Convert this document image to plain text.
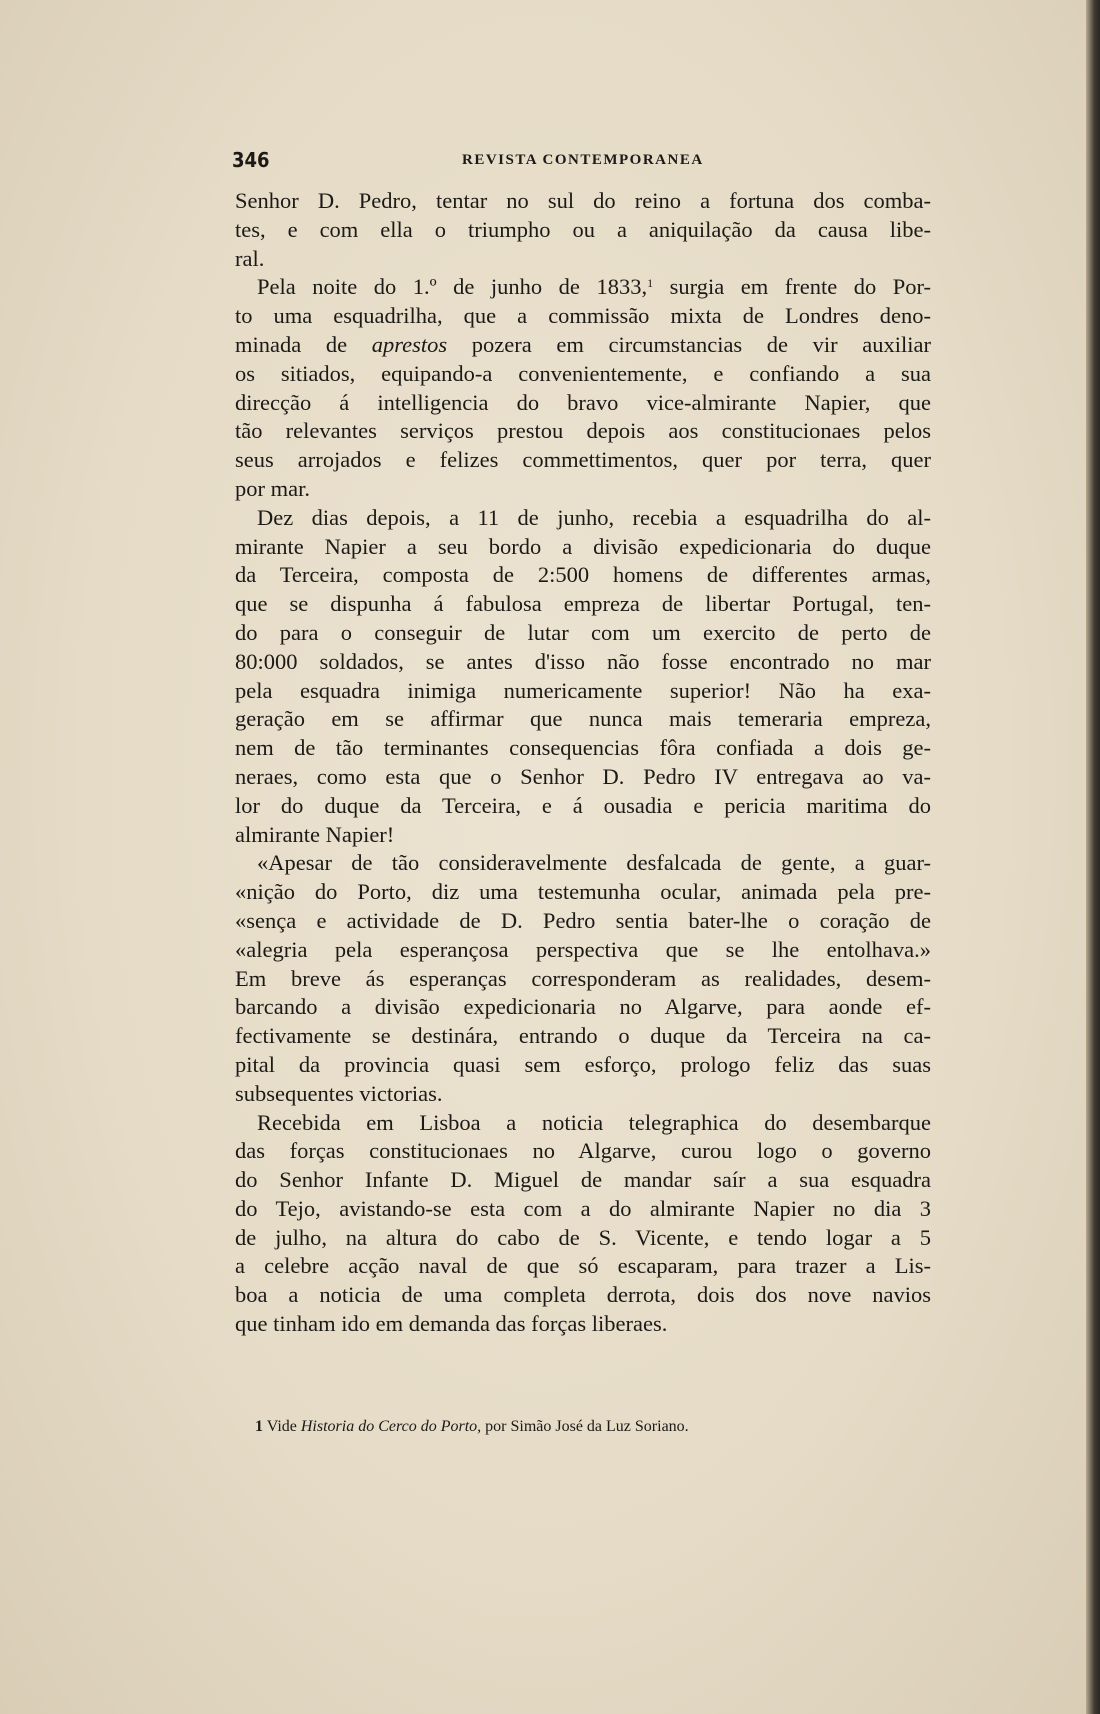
346	REVISTA CONTEMPORANEA
Senhor D. Pedro, tentar no sul do reino a fortuna dos comba-
tes, e com ella o triumpho ou a aniquilação da causa libe-
ral.
Pela noite do 1.º de junho de 1833,$^1$ surgia em frente do Por-
to uma esquadrilha, que a commissão mixta de Londres deno-
minada de aprestos pozera em circumstancias de vir auxiliar
os sitiados, equipando-a convenientemente, e confiando a sua
direcção á intelligencia do bravo vice-almirante Napier, que
tão relevantes serviços prestou depois aos constitucionaes pelos
seus arrojados e felizes commettimentos, quer por terra, quer
por mar.
Dez dias depois, a 11 de junho, recebia a esquadrilha do al-
mirante Napier a seu bordo a divisão expedicionaria do duque
da Terceira, composta de 2:500 homens de differentes armas,
que se dispunha á fabulosa empreza de libertar Portugal, ten-
do para o conseguir de lutar com um exercito de perto de
80:000 soldados, se antes d'isso não fosse encontrado no mar
pela esquadra inimiga numericamente superior! Não ha exa-
geração em se affirmar que nunca mais temeraria empreza,
nem de tão terminantes consequencias fôra confiada a dois ge-
neraes, como esta que o Senhor D. Pedro IV entregava ao va-
lor do duque da Terceira, e á ousadia e pericia maritima do
almirante Napier!
«Apesar de tão consideravelmente desfalcada de gente, a guar-
«nição do Porto, diz uma testemunha ocular, animada pela pre-
«sença e actividade de D. Pedro sentia bater-lhe o coração de
«alegria pela esperançosa perspectiva que se lhe entolhava.»
Em breve ás esperanças corresponderam as realidades, desem-
barcando a divisão expedicionaria no Algarve, para aonde ef-
fectivamente se destinára, entrando o duque da Terceira na ca-
pital da provincia quasi sem esforço, prologo feliz das suas
subsequentes victorias.
Recebida em Lisboa a noticia telegraphica do desembarque
das forças constitucionaes no Algarve, curou logo o governo
do Senhor Infante D. Miguel de mandar saír a sua esquadra
do Tejo, avistando-se esta com a do almirante Napier no dia 3
de julho, na altura do cabo de S. Vicente, e tendo logar a 5
a celebre acção naval de que só escaparam, para trazer a Lis-
boa a noticia de uma completa derrota, dois dos nove navios
que tinham ido em demanda das forças liberaes.
1 Vide Historia do Cerco do Porto, por Simão José da Luz Soriano.
